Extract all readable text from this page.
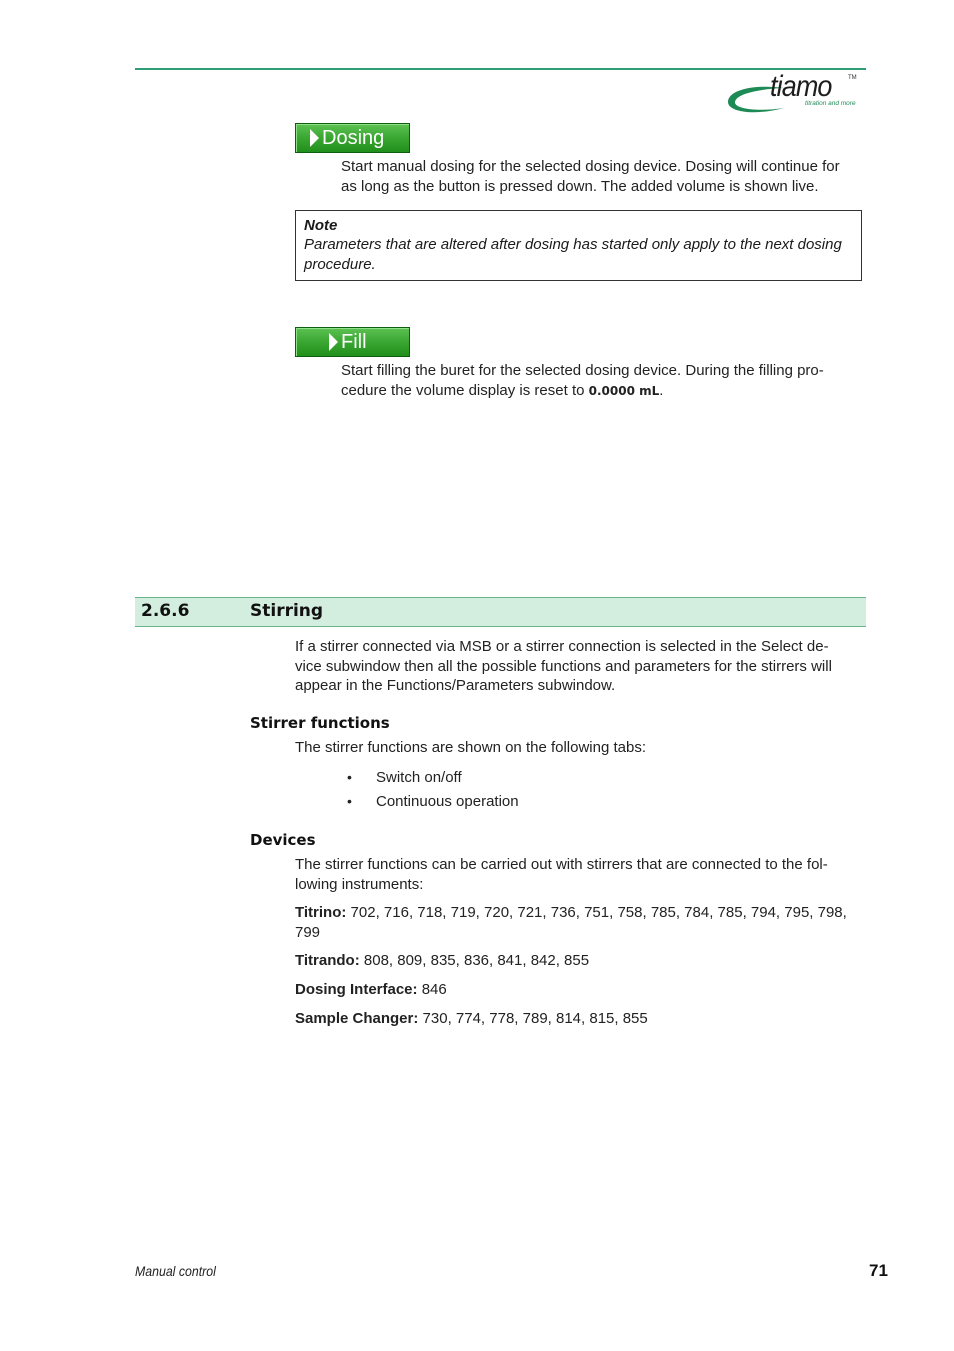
tiamo	TM
titration and more
Dosing
Start manual dosing for the selected dosing device. Dosing will continue for
as long as the button is pressed down. The added volume is shown live.
Note
Parameters that are altered after dosing has started only apply to the next dosing
procedure.
Fill
Start filling the buret for the selected dosing device. During the filling pro-
cedure the volume display is reset to 0.0000 mL.
2.6.6	Stirring
If a stirrer connected via MSB or a stirrer connection is selected in the Select de-
vice subwindow then all the possible functions and parameters for the stirrers will
appear in the Functions/Parameters subwindow.
Stirrer functions
The stirrer functions are shown on the following tabs:
•	Switch on/off
•	Continuous operation
Devices
The stirrer functions can be carried out with stirrers that are connected to the fol-
lowing instruments:
Titrino: 702, 716, 718, 719, 720, 721, 736, 751, 758, 785, 784, 785, 794, 795, 798,
799
Titrando: 808, 809, 835, 836, 841, 842, 855
Dosing Interface: 846
Sample Changer: 730, 774, 778, 789, 814, 815, 855
Manual control	71
